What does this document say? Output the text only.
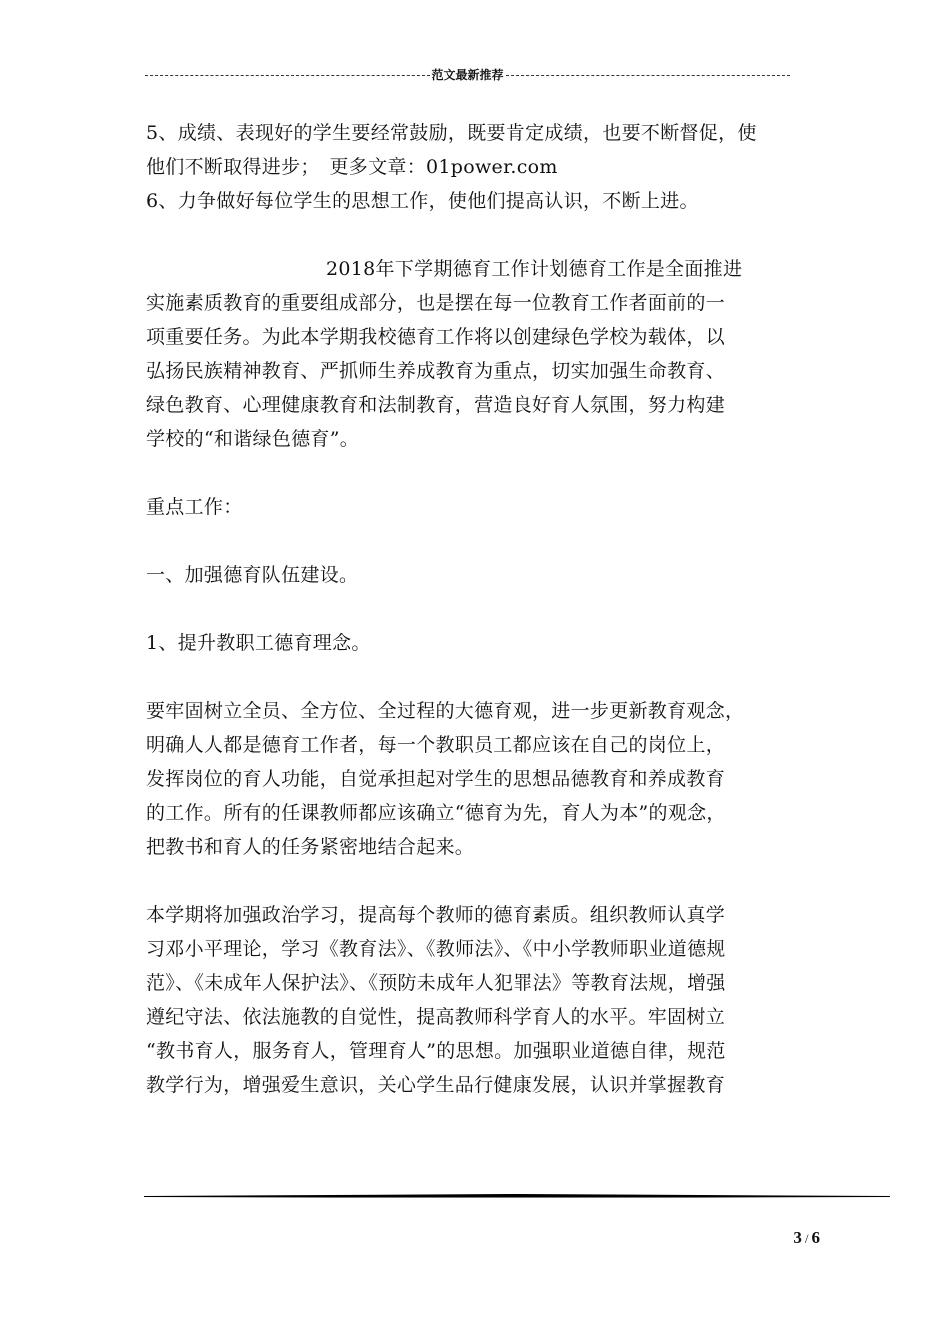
范文最新推荐
5、成绩、表现好的学生要经常鼓励，既要肯定成绩，也要不断督促，使
他们不断取得进步；　更多文章：01power.com
6、力争做好每位学生的思想工作，使他们提高认识，不断上进。
2018年下学期德育工作计划德育工作是全面推进
实施素质教育的重要组成部分，也是摆在每一位教育工作者面前的一
项重要任务。为此本学期我校德育工作将以创建绿色学校为载体，以
弘扬民族精神教育、严抓师生养成教育为重点，切实加强生命教育、
绿色教育、心理健康教育和法制教育，营造良好育人氛围，努力构建
学校的“和谐绿色德育”。
重点工作：
一、加强德育队伍建设。
1、提升教职工德育理念。
要牢固树立全员、全方位、全过程的大德育观，进一步更新教育观念，
明确人人都是德育工作者，每一个教职员工都应该在自己的岗位上，
发挥岗位的育人功能，自觉承担起对学生的思想品德教育和养成教育
的工作。所有的任课教师都应该确立“德育为先，育人为本”的观念，
把教书和育人的任务紧密地结合起来。
本学期将加强政治学习，提高每个教师的德育素质。组织教师认真学
习邓小平理论，学习《教育法》、《教师法》、《中小学教师职业道德规
范》、《未成年人保护法》、《预防未成年人犯罪法》等教育法规，增强
遵纪守法、依法施教的自觉性，提高教师科学育人的水平。牢固树立
“教书育人，服务育人，管理育人”的思想。加强职业道德自律，规范
教学行为，增强爱生意识，关心学生品行健康发展，认识并掌握教育
3 / 6
